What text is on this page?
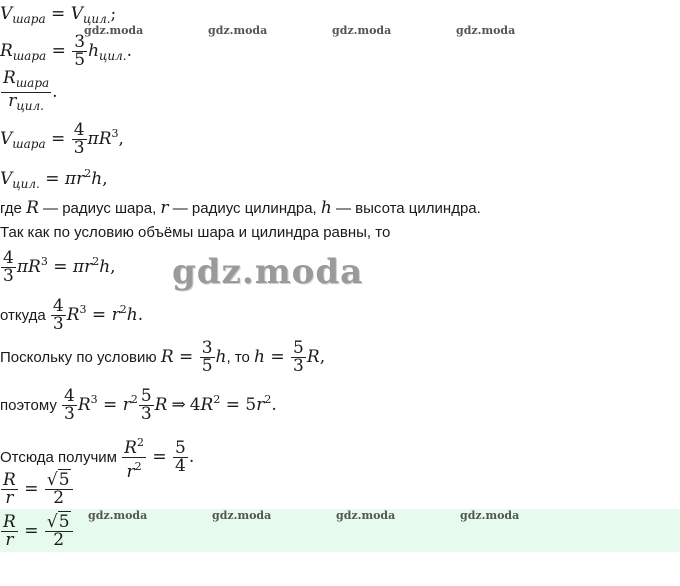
gdz.moda	gdz.moda	gdz.moda	gdz.moda
gdz.moda
gdz.moda	gdz.moda	gdz.moda	gdz.moda
$V_{шара} = V_{цил.}$;
$R_{шара} = \frac{3}{5} h_{цил.}$.
$\frac{R_{шара}}{r_{цил.}}$ .
$V_{шара} = \frac{4}{3} \pi R^3$,
$V_{цил.} = \pi r^2h$,
где R — радиус шара, r — радиус цилиндра, h — высота цилиндра.
Так как по условию объёмы шара и цилиндра равны, то
$\frac{4}{3} \pi R^3 = \pi r^2h$,
откуда $\frac{4}{3} R^3 = r^2h$.
Поскольку по условию $R = \frac{3}{5} h$, то $h = \frac{5}{3} R$,
поэтому $\frac{4}{3} R^3 = r^2 \frac{5}{3}$ R ⇒ $4R^2 = 5r^2$.
Отсюда получим $\frac{R^2}{r^2} = \frac{5}{4}$ .
$\frac{R}{r} = \frac{√5}{2}$
$\frac{R}{r} = \frac{√5}{2}$
